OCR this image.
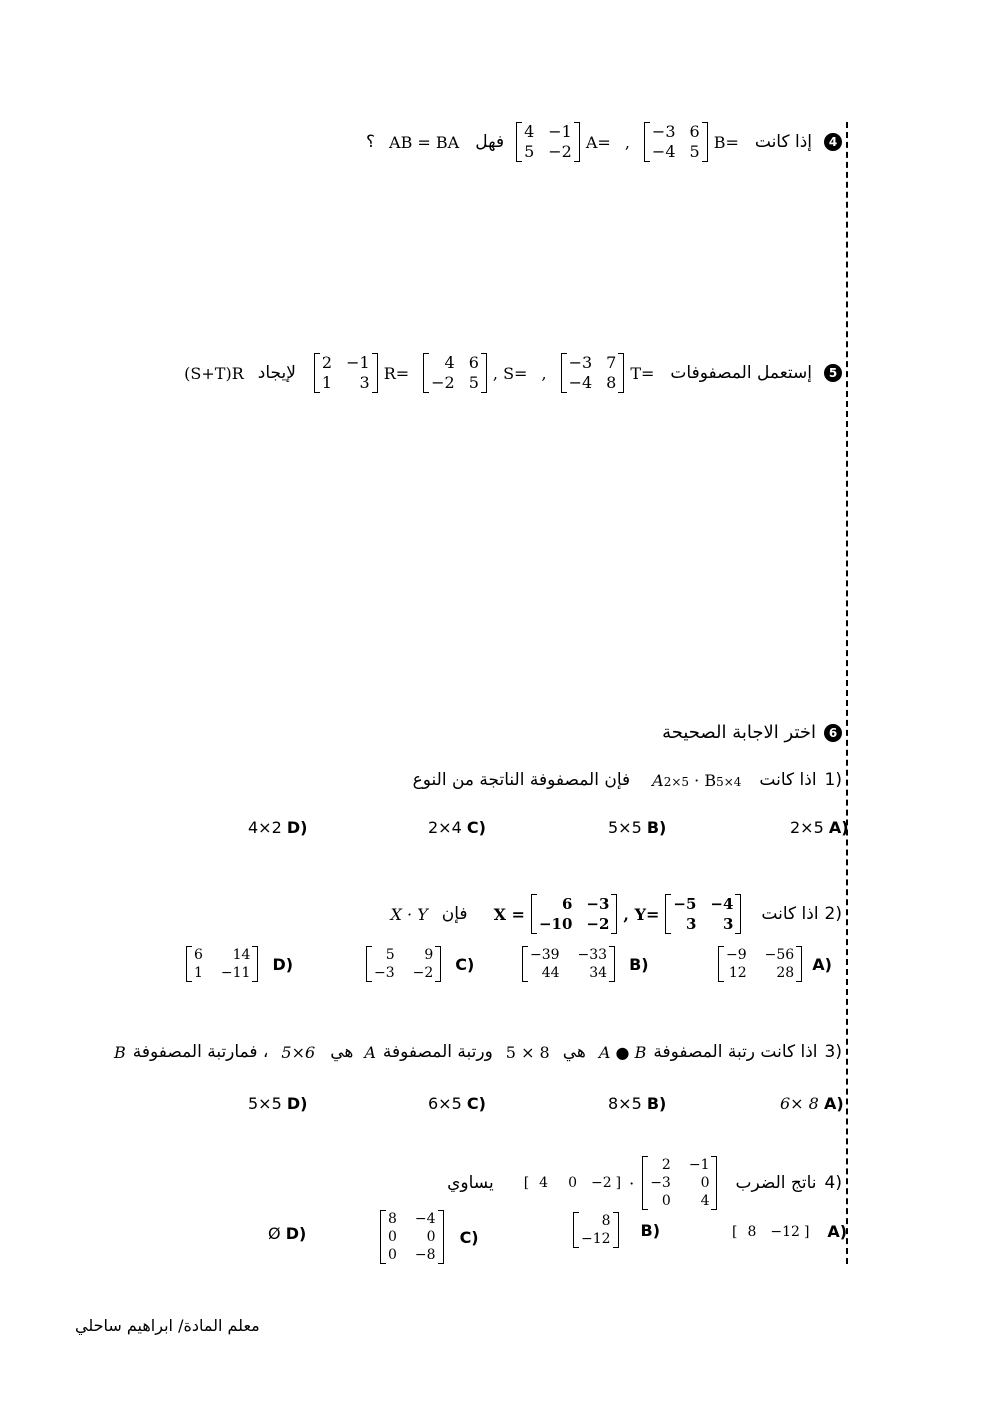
4
إذا كانت
B=
−3 6
−4 5
,
A=
4 −1
5 −2
فهل
AB = BA
؟
5
إستعمل المصفوفات
T=
−3 7
−4 8
,
, S=
4 6
−2 5
R=
2 −1
1	3
لإيجاد
(S+T)R
6
اختر الاجابة الصحيحة
1)
اذا كانت
A2×5 · B5×4
فإن المصفوفة الناتجة من النوع
2×5 A)
5×5 B)
2×4 C)
4×2 D)
2)
اذا كانت
−5 −4
3	3
, Y=
6 −3
−10 −2
X =
فإن
X · Y
−9 −56
12	28 A)
−39 −33
44	34 B)
5	9
−3 −2 C)
6	14
1 −11 D)
3)
اذا كانت رتبة المصفوفة
A ● B
هي
5 × 8
ورتبة المصفوفة
A
هي
5×6
، فمارتبة المصفوفة
B
6× 8 A)
8×5 B)
6×5 C)
5×5 D)
4)
ناتج الضرب
2 −1
−3	0
0	4
·
[ 4 0 −2 ]
يساوي
[ 8 −12 ] A)
8
−12 B)
8 −4
0	0
0 −8
C)
Ø D)
معلم المادة/ ابراهيم ساحلي
